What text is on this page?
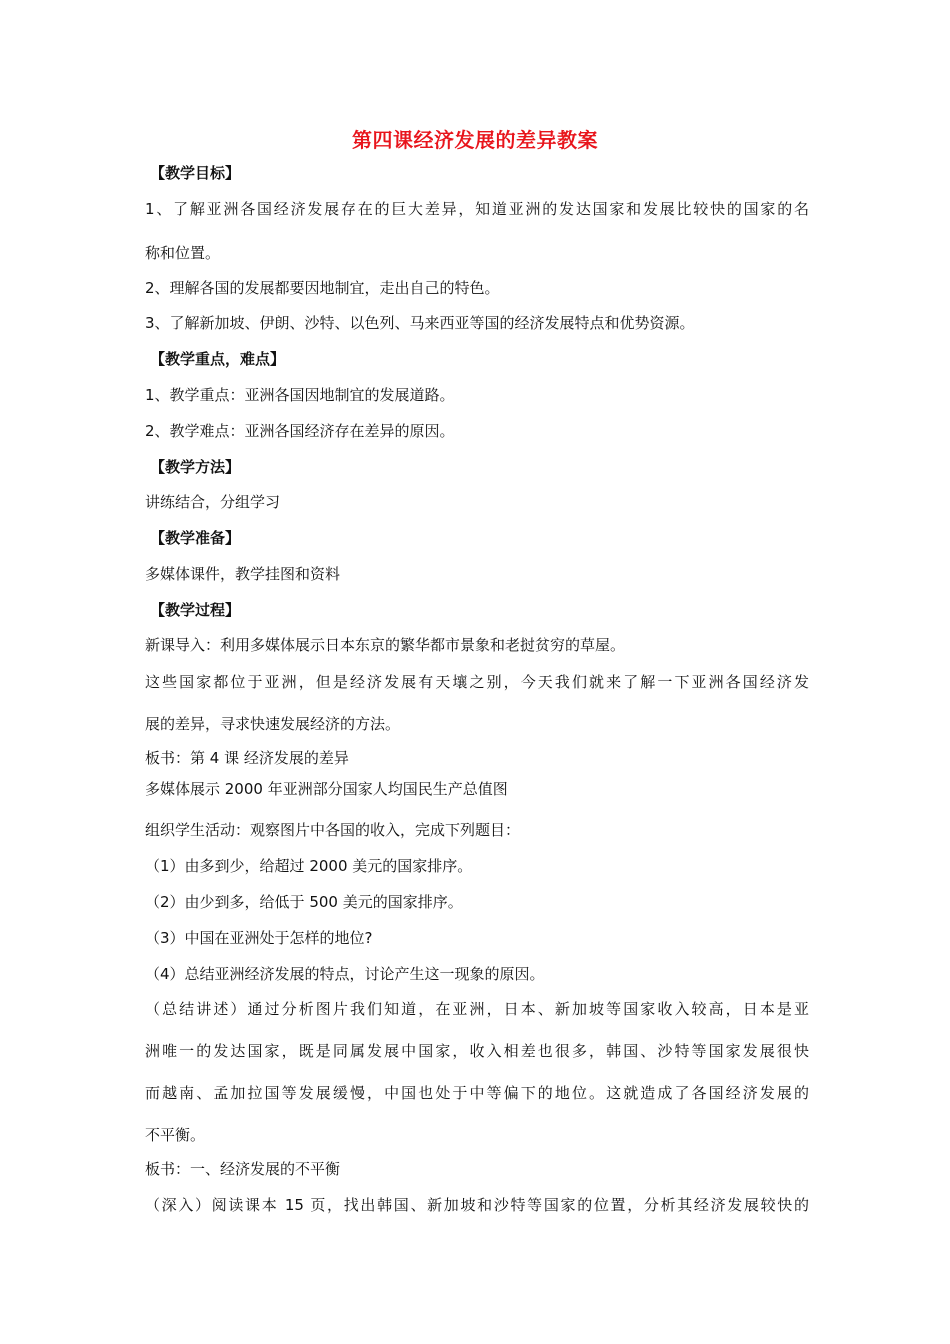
第四课经济发展的差异教案
【教学目标】
1、了解亚洲各国经济发展存在的巨大差异，知道亚洲的发达国家和发展比较快的国家的名
称和位置。
2、理解各国的发展都要因地制宜，走出自己的特色。
3、了解新加坡、伊朗、沙特、以色列、马来西亚等国的经济发展特点和优势资源。
【教学重点，难点】
1、教学重点：亚洲各国因地制宜的发展道路。
2、教学难点：亚洲各国经济存在差异的原因。
【教学方法】
讲练结合，分组学习
【教学准备】
多媒体课件，教学挂图和资料
【教学过程】
新课导入：利用多媒体展示日本东京的繁华都市景象和老挝贫穷的草屋。
这些国家都位于亚洲，但是经济发展有天壤之别，今天我们就来了解一下亚洲各国经济发
展的差异，寻求快速发展经济的方法。
板书：第 4 课 经济发展的差异
多媒体展示 2000 年亚洲部分国家人均国民生产总值图
组织学生活动：观察图片中各国的收入，完成下列题目：
（1）由多到少，给超过 2000 美元的国家排序。
（2）由少到多，给低于 500 美元的国家排序。
（3）中国在亚洲处于怎样的地位?
（4）总结亚洲经济发展的特点，讨论产生这一现象的原因。
（总结讲述）通过分析图片我们知道，在亚洲，日本、新加坡等国家收入较高，日本是亚
洲唯一的发达国家，既是同属发展中国家，收入相差也很多，韩国、沙特等国家发展很快
而越南、孟加拉国等发展缓慢，中国也处于中等偏下的地位。这就造成了各国经济发展的
不平衡。
板书：一、经济发展的不平衡
（深入）阅读课本 15 页，找出韩国、新加坡和沙特等国家的位置，分析其经济发展较快的
